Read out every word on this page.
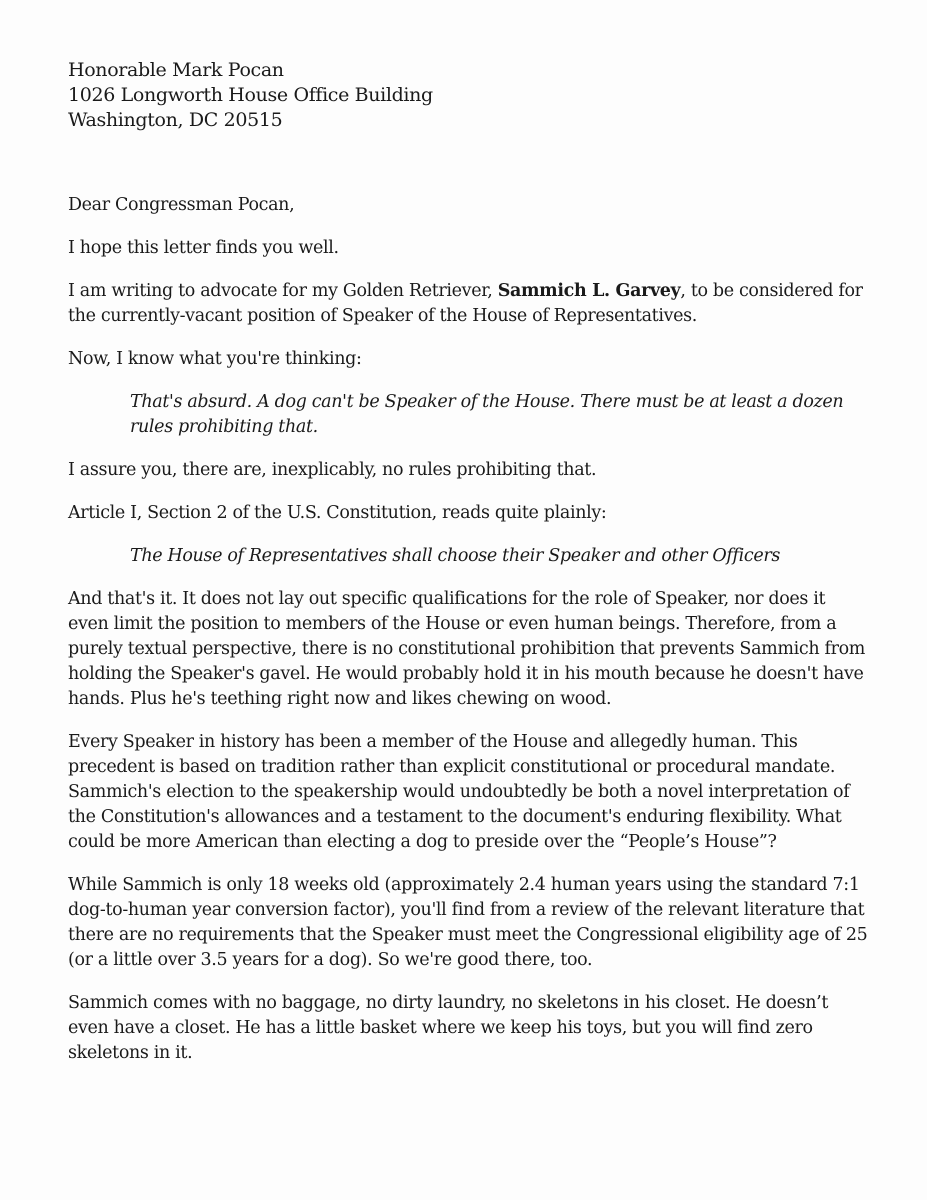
Honorable Mark Pocan
1026 Longworth House Office Building
Washington, DC 20515

Dear Congressman Pocan,

I hope this letter finds you well.

I am writing to advocate for my Golden Retriever, Sammich L. Garvey, to be considered for the currently-vacant position of Speaker of the House of Representatives.

Now, I know what you're thinking:

That's absurd. A dog can't be Speaker of the House. There must be at least a dozen rules prohibiting that.

I assure you, there are, inexplicably, no rules prohibiting that.

Article I, Section 2 of the U.S. Constitution, reads quite plainly:

The House of Representatives shall choose their Speaker and other Officers

And that's it. It does not lay out specific qualifications for the role of Speaker, nor does it even limit the position to members of the House or even human beings. Therefore, from a purely textual perspective, there is no constitutional prohibition that prevents Sammich from holding the Speaker's gavel. He would probably hold it in his mouth because he doesn't have hands. Plus he's teething right now and likes chewing on wood.

Every Speaker in history has been a member of the House and allegedly human. This precedent is based on tradition rather than explicit constitutional or procedural mandate. Sammich's election to the speakership would undoubtedly be both a novel interpretation of the Constitution's allowances and a testament to the document's enduring flexibility. What could be more American than electing a dog to preside over the “People’s House”?

While Sammich is only 18 weeks old (approximately 2.4 human years using the standard 7:1 dog-to-human year conversion factor), you'll find from a review of the relevant literature that there are no requirements that the Speaker must meet the Congressional eligibility age of 25 (or a little over 3.5 years for a dog). So we're good there, too.

Sammich comes with no baggage, no dirty laundry, no skeletons in his closet. He doesn’t even have a closet. He has a little basket where we keep his toys, but you will find zero skeletons in it.
